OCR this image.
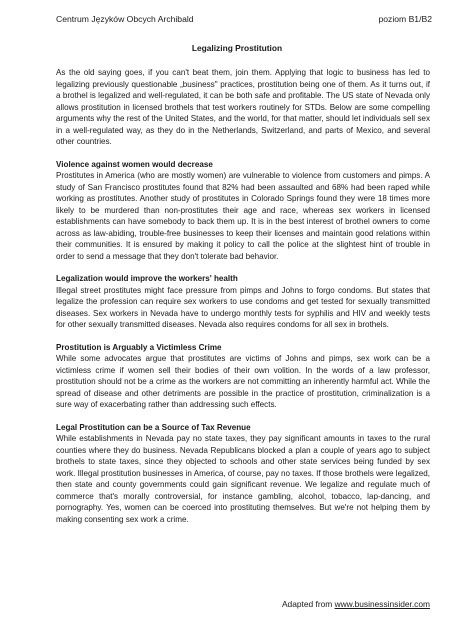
Centrum Języków Obcych Archibald	poziom B1/B2
Legalizing Prostitution

As the old saying goes, if you can't beat them, join them. Applying that logic to business has led to legalizing previously questionable „business" practices, prostitution being one of them. As it turns out, if a brothel is legalized and well-regulated, it can be both safe and profitable. The US state of Nevada only allows prostitution in licensed brothels that test workers routinely for STDs. Below are some compelling arguments why the rest of the United States, and the world, for that matter, should let individuals sell sex in a well-regulated way, as they do in the Netherlands, Switzerland, and parts of Mexico, and several other countries.

Violence against women would decrease

Prostitutes in America (who are mostly women) are vulnerable to violence from customers and pimps. A study of San Francisco prostitutes found that 82% had been assaulted and 68% had been raped while working as prostitutes. Another study of prostitutes in Colorado Springs found they were 18 times more likely to be murdered than non-prostitutes their age and race, whereas sex workers in licensed establishments can have somebody to back them up. It is in the best interest of brothel owners to come across as law-abiding, trouble-free businesses to keep their licenses and maintain good relations within their communities. It is ensured by making it policy to call the police at the slightest hint of trouble in order to send a message that they don't tolerate bad behavior.

Legalization would improve the workers' health

Illegal street prostitutes might face pressure from pimps and Johns to forgo condoms. But states that legalize the profession can require sex workers to use condoms and get tested for sexually transmitted diseases. Sex workers in Nevada have to undergo monthly tests for syphilis and HIV and weekly tests for other sexually transmitted diseases. Nevada also requires condoms for all sex in brothels.

Prostitution is Arguably a Victimless Crime

While some advocates argue that prostitutes are victims of Johns and pimps, sex work can be a victimless crime if women sell their bodies of their own volition. In the words of a law professor, prostitution should not be a crime as the workers are not committing an inherently harmful act. While the spread of disease and other detriments are possible in the practice of prostitution, criminalization is a sure way of exacerbating rather than addressing such effects.

Legal Prostitution can be a Source of Tax Revenue

While establishments in Nevada pay no state taxes, they pay significant amounts in taxes to the rural counties where they do business. Nevada Republicans blocked a plan a couple of years ago to subject brothels to state taxes, since they objected to schools and other state services being funded by sex work. Illegal prostitution businesses in America, of course, pay no taxes. If those brothels were legalized, then state and county governments could gain significant revenue. We legalize and regulate much of commerce that's morally controversial, for instance gambling, alcohol, tobacco, lap-dancing, and pornography. Yes, women can be coerced into prostituting themselves. But we're not helping them by making consenting sex work a crime.

Adapted from www.businessinsider.com
